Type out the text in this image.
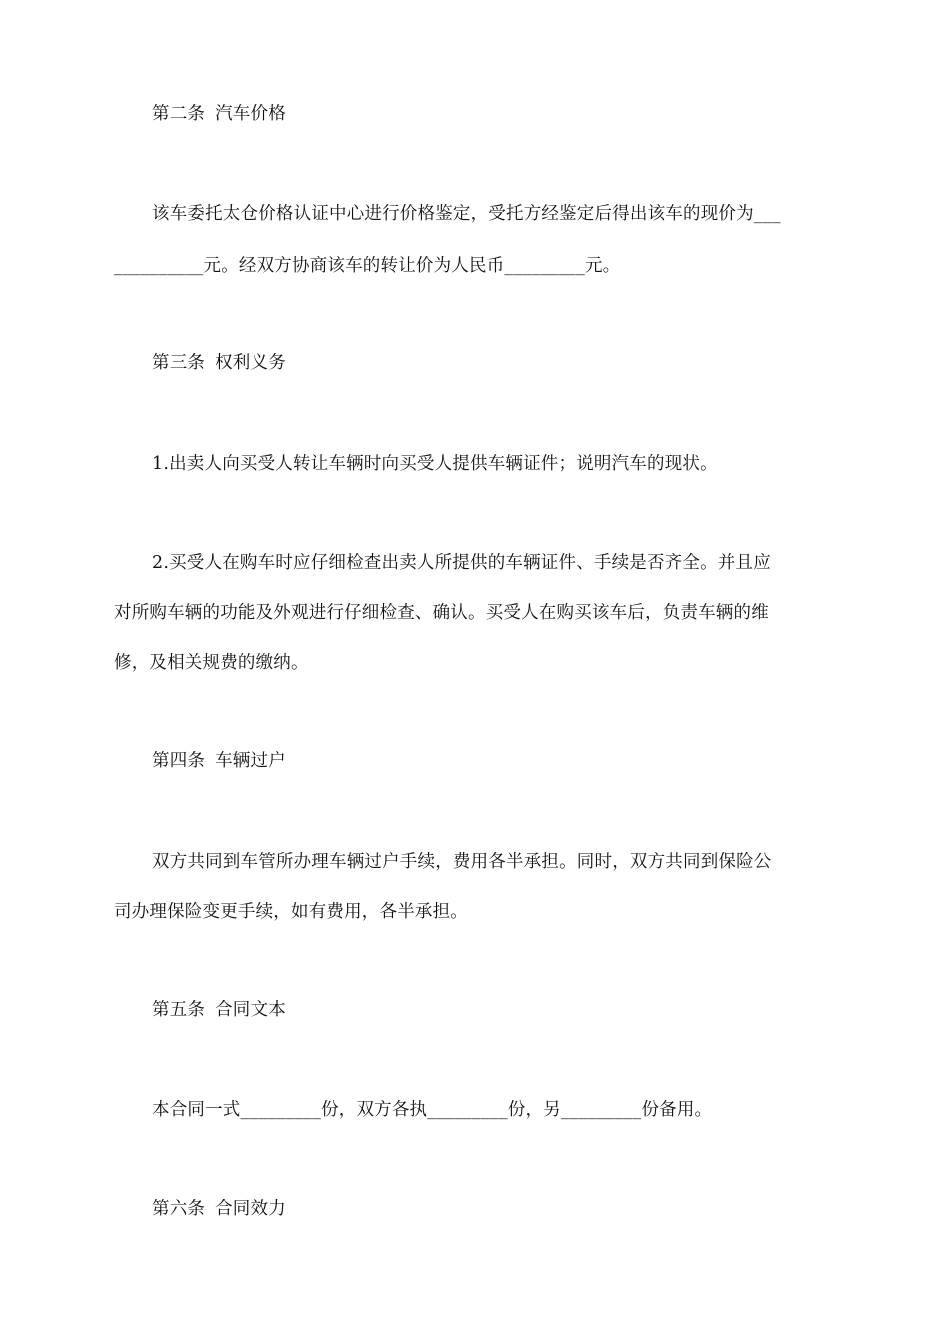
第二条 汽车价格
该车委托太仓价格认证中心进行价格鉴定，受托方经鉴定后得出该车的现价为___
__________元。经双方协商该车的转让价为人民币_________元。
第三条 权利义务
1.出卖人向买受人转让车辆时向买受人提供车辆证件；说明汽车的现状。
2.买受人在购车时应仔细检查出卖人所提供的车辆证件、手续是否齐全。并且应
对所购车辆的功能及外观进行仔细检查、确认。买受人在购买该车后，负责车辆的维
修，及相关规费的缴纳。
第四条 车辆过户
双方共同到车管所办理车辆过户手续，费用各半承担。同时，双方共同到保险公
司办理保险变更手续，如有费用，各半承担。
第五条 合同文本
本合同一式_________份，双方各执_________份，另_________份备用。
第六条 合同效力
